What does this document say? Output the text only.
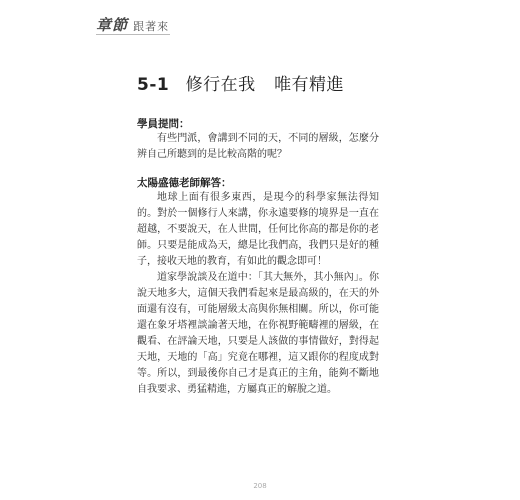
章節 跟著來
5-1 修行在我 唯有精進
學員提問：

有些門派，會講到不同的天，不同的層級，怎麼分辨自己所聽到的是比較高階的呢？

太陽盛德老師解答：

地球上面有很多東西，是現今的科學家無法得知的。對於一個修行人來講，你永遠要修的境界是一直在超越，不要說天，在人世間，任何比你高的都是你的老師。只要是能成為天，總是比我們高，我們只是好的種子，接收天地的教育，有如此的觀念即可！

道家學說談及在道中：「其大無外，其小無內」。你說天地多大，這個天我們看起來是最高級的，在天的外面還有沒有，可能層級太高與你無相關。所以，你可能還在象牙塔裡談論著天地，在你視野範疇裡的層級，在觀看、在評論天地，只要是人該做的事情做好，對得起天地，天地的「高」究竟在哪裡，這又跟你的程度成對等。所以，到最後你自己才是真正的主角，能夠不斷地自我要求、勇猛精進，方屬真正的解脫之道。

208
